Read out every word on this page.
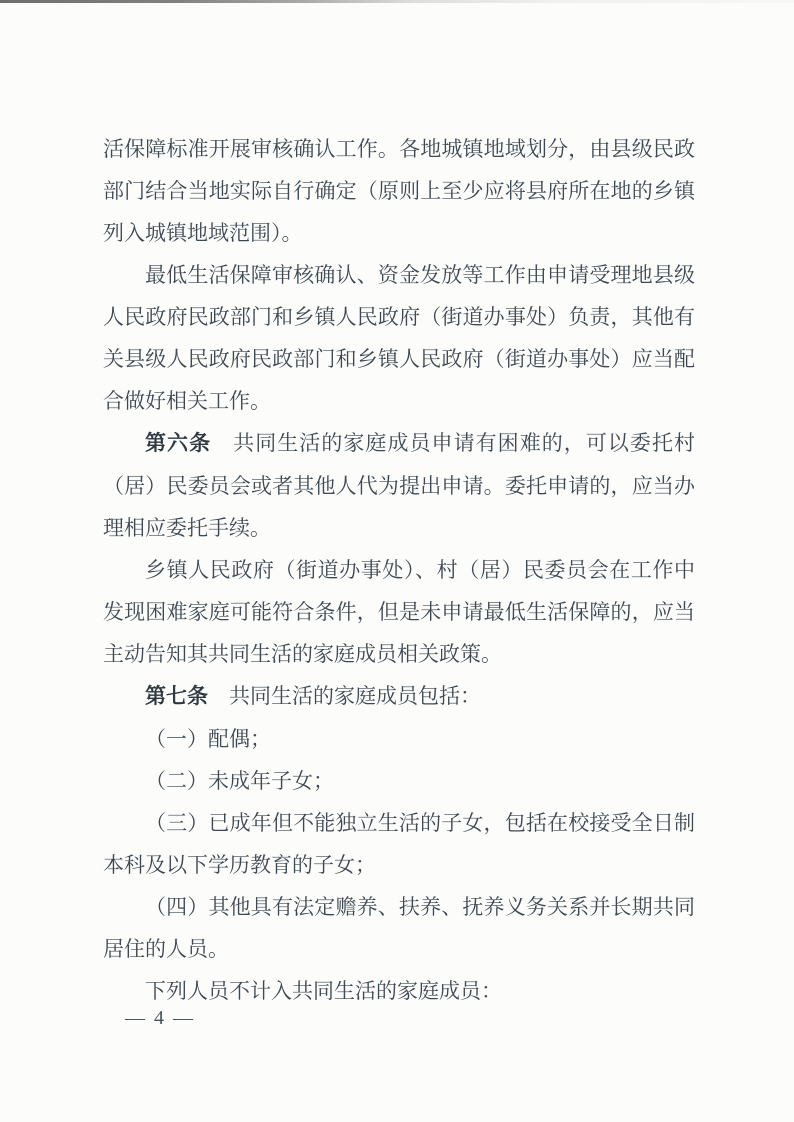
活保障标准开展审核确认工作。各地城镇地域划分，由县级民政部门结合当地实际自行确定（原则上至少应将县府所在地的乡镇列入城镇地域范围）。

最低生活保障审核确认、资金发放等工作由申请受理地县级人民政府民政部门和乡镇人民政府（街道办事处）负责，其他有关县级人民政府民政部门和乡镇人民政府（街道办事处）应当配合做好相关工作。

第六条　 共同生活的家庭成员申请有困难的，可以委托村（居）民委员会或者其他人代为提出申请。委托申请的，应当办理相应委托手续。

乡镇人民政府（街道办事处）、村（居）民委员会在工作中发现困难家庭可能符合条件，但是未申请最低生活保障的，应当主动告知其共同生活的家庭成员相关政策。

第七条　 共同生活的家庭成员包括：

（一）配偶；

（二）未成年子女；

（三）已成年但不能独立生活的子女，包括在校接受全日制本科及以下学历教育的子女；

（四）其他具有法定赡养、扶养、抚养义务关系并长期共同居住的人员。

下列人员不计入共同生活的家庭成员：

— 4 —
